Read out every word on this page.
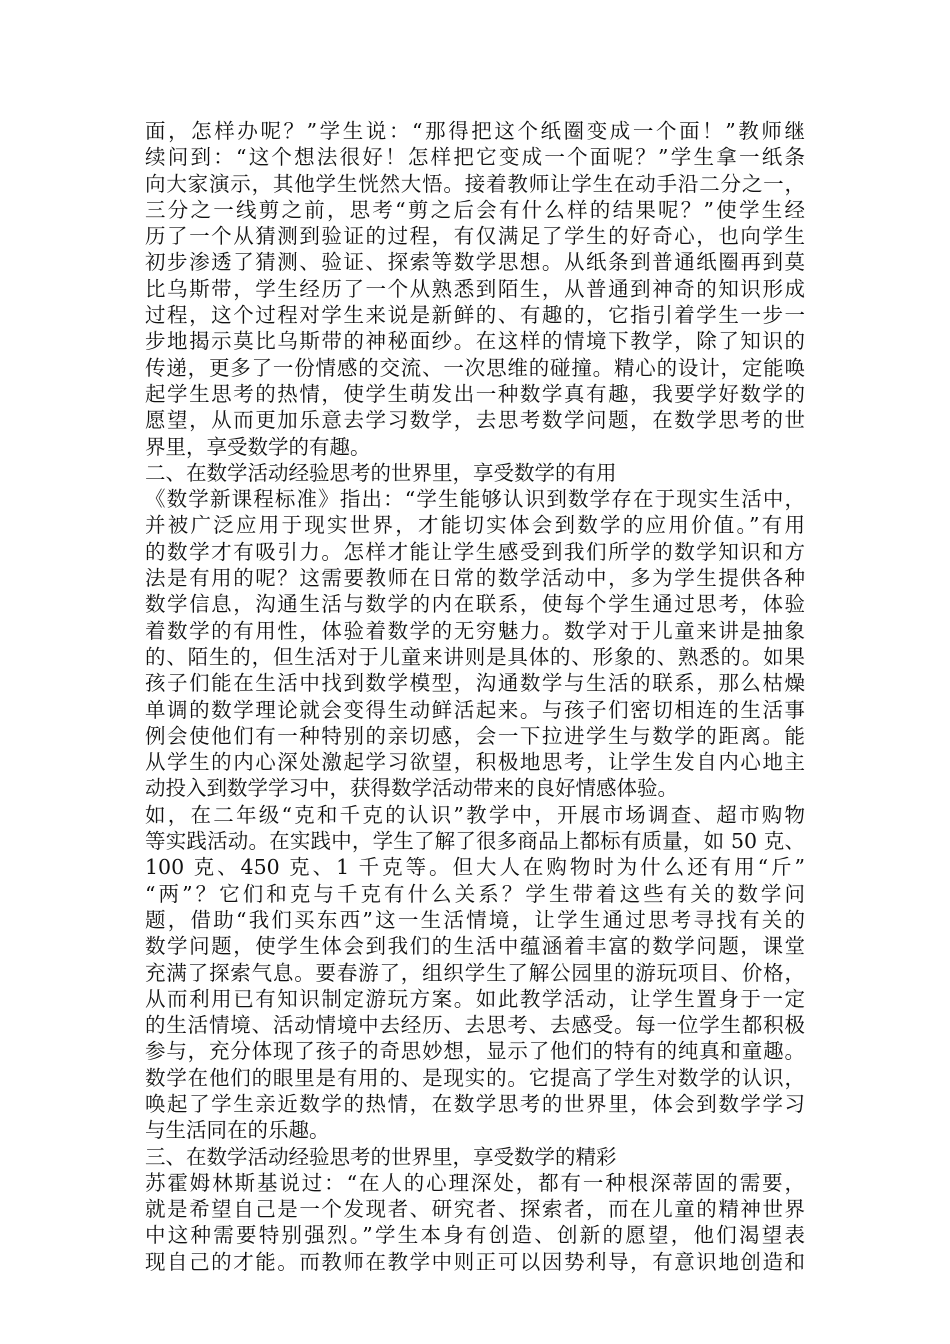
面，怎样办呢？”学生说：“那得把这个纸圈变成一个面！”教师继
续问到：“这个想法很好！怎样把它变成一个面呢？”学生拿一纸条
向大家演示，其他学生恍然大悟。接着教师让学生在动手沿二分之一，
三分之一线剪之前，思考“剪之后会有什么样的结果呢？”使学生经
历了一个从猜测到验证的过程，有仅满足了学生的好奇心，也向学生
初步渗透了猜测、验证、探索等数学思想。从纸条到普通纸圈再到莫
比乌斯带，学生经历了一个从熟悉到陌生，从普通到神奇的知识形成
过程，这个过程对学生来说是新鲜的、有趣的，它指引着学生一步一
步地揭示莫比乌斯带的神秘面纱。在这样的情境下教学，除了知识的
传递，更多了一份情感的交流、一次思维的碰撞。精心的设计，定能唤
起学生思考的热情，使学生萌发出一种数学真有趣，我要学好数学的
愿望，从而更加乐意去学习数学，去思考数学问题，在数学思考的世
界里，享受数学的有趣。
二、在数学活动经验思考的世界里，享受数学的有用
《数学新课程标准》指出：“学生能够认识到数学存在于现实生活中，
并被广泛应用于现实世界，才能切实体会到数学的应用价值。”有用
的数学才有吸引力。怎样才能让学生感受到我们所学的数学知识和方
法是有用的呢？这需要教师在日常的数学活动中，多为学生提供各种
数学信息，沟通生活与数学的内在联系，使每个学生通过思考，体验
着数学的有用性，体验着数学的无穷魅力。数学对于儿童来讲是抽象
的、陌生的，但生活对于儿童来讲则是具体的、形象的、熟悉的。如果
孩子们能在生活中找到数学模型，沟通数学与生活的联系，那么枯燥
单调的数学理论就会变得生动鲜活起来。与孩子们密切相连的生活事
例会使他们有一种特别的亲切感，会一下拉进学生与数学的距离。能
从学生的内心深处激起学习欲望，积极地思考，让学生发自内心地主
动投入到数学学习中，获得数学活动带来的良好情感体验。
如，在二年级“克和千克的认识”教学中，开展市场调查、超市购物
等实践活动。在实践中，学生了解了很多商品上都标有质量，如 50 克、
100 克、450 克、1 千克等。但大人在购物时为什么还有用“斤”
“两”？它们和克与千克有什么关系？学生带着这些有关的数学问
题，借助“我们买东西”这一生活情境，让学生通过思考寻找有关的
数学问题，使学生体会到我们的生活中蕴涵着丰富的数学问题，课堂
充满了探索气息。要春游了，组织学生了解公园里的游玩项目、价格，
从而利用已有知识制定游玩方案。如此教学活动，让学生置身于一定
的生活情境、活动情境中去经历、去思考、去感受。每一位学生都积极
参与，充分体现了孩子的奇思妙想，显示了他们的特有的纯真和童趣。
数学在他们的眼里是有用的、是现实的。它提高了学生对数学的认识，
唤起了学生亲近数学的热情，在数学思考的世界里，体会到数学学习
与生活同在的乐趣。
三、在数学活动经验思考的世界里，享受数学的精彩
苏霍姆林斯基说过：“在人的心理深处，都有一种根深蒂固的需要，
就是希望自己是一个发现者、研究者、探索者，而在儿童的精神世界
中这种需要特别强烈。”学生本身有创造、创新的愿望，他们渴望表
现自己的才能。而教师在教学中则正可以因势利导，有意识地创造和
